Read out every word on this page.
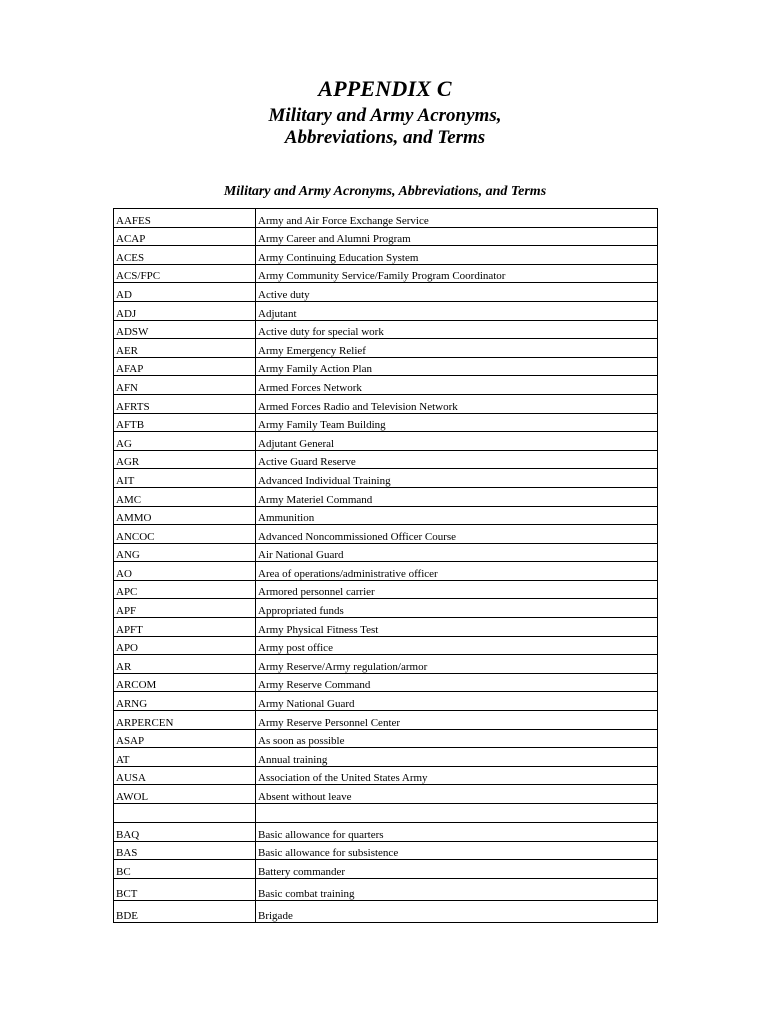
APPENDIX C
Military and Army Acronyms,
Abbreviations, and Terms
Military and Army Acronyms, Abbreviations, and Terms
AAFES	Army and Air Force Exchange Service
ACAP	Army Career and Alumni Program
ACES	Army Continuing Education System
ACS/FPC	Army Community Service/Family Program Coordinator
AD	Active duty
ADJ	Adjutant
ADSW	Active duty for special work
AER	Army Emergency Relief
AFAP	Army Family Action Plan
AFN	Armed Forces Network
AFRTS	Armed Forces Radio and Television Network
AFTB	Army Family Team Building
AG	Adjutant General
AGR	Active Guard Reserve
AIT	Advanced Individual Training
AMC	Army Materiel Command
AMMO	Ammunition
ANCOC	Advanced Noncommissioned Officer Course
ANG	Air National Guard
AO	Area of operations/administrative officer
APC	Armored personnel carrier
APF	Appropriated funds
APFT	Army Physical Fitness Test
APO	Army post office
AR	Army Reserve/Army regulation/armor
ARCOM	Army Reserve Command
ARNG	Army National Guard
ARPERCEN	Army Reserve Personnel Center
ASAP	As soon as possible
AT	Annual training
AUSA	Association of the United States Army
AWOL	Absent without leave

BAQ	Basic allowance for quarters
BAS	Basic allowance for subsistence
BC	Battery commander
BCT	Basic combat training
BDE	Brigade
